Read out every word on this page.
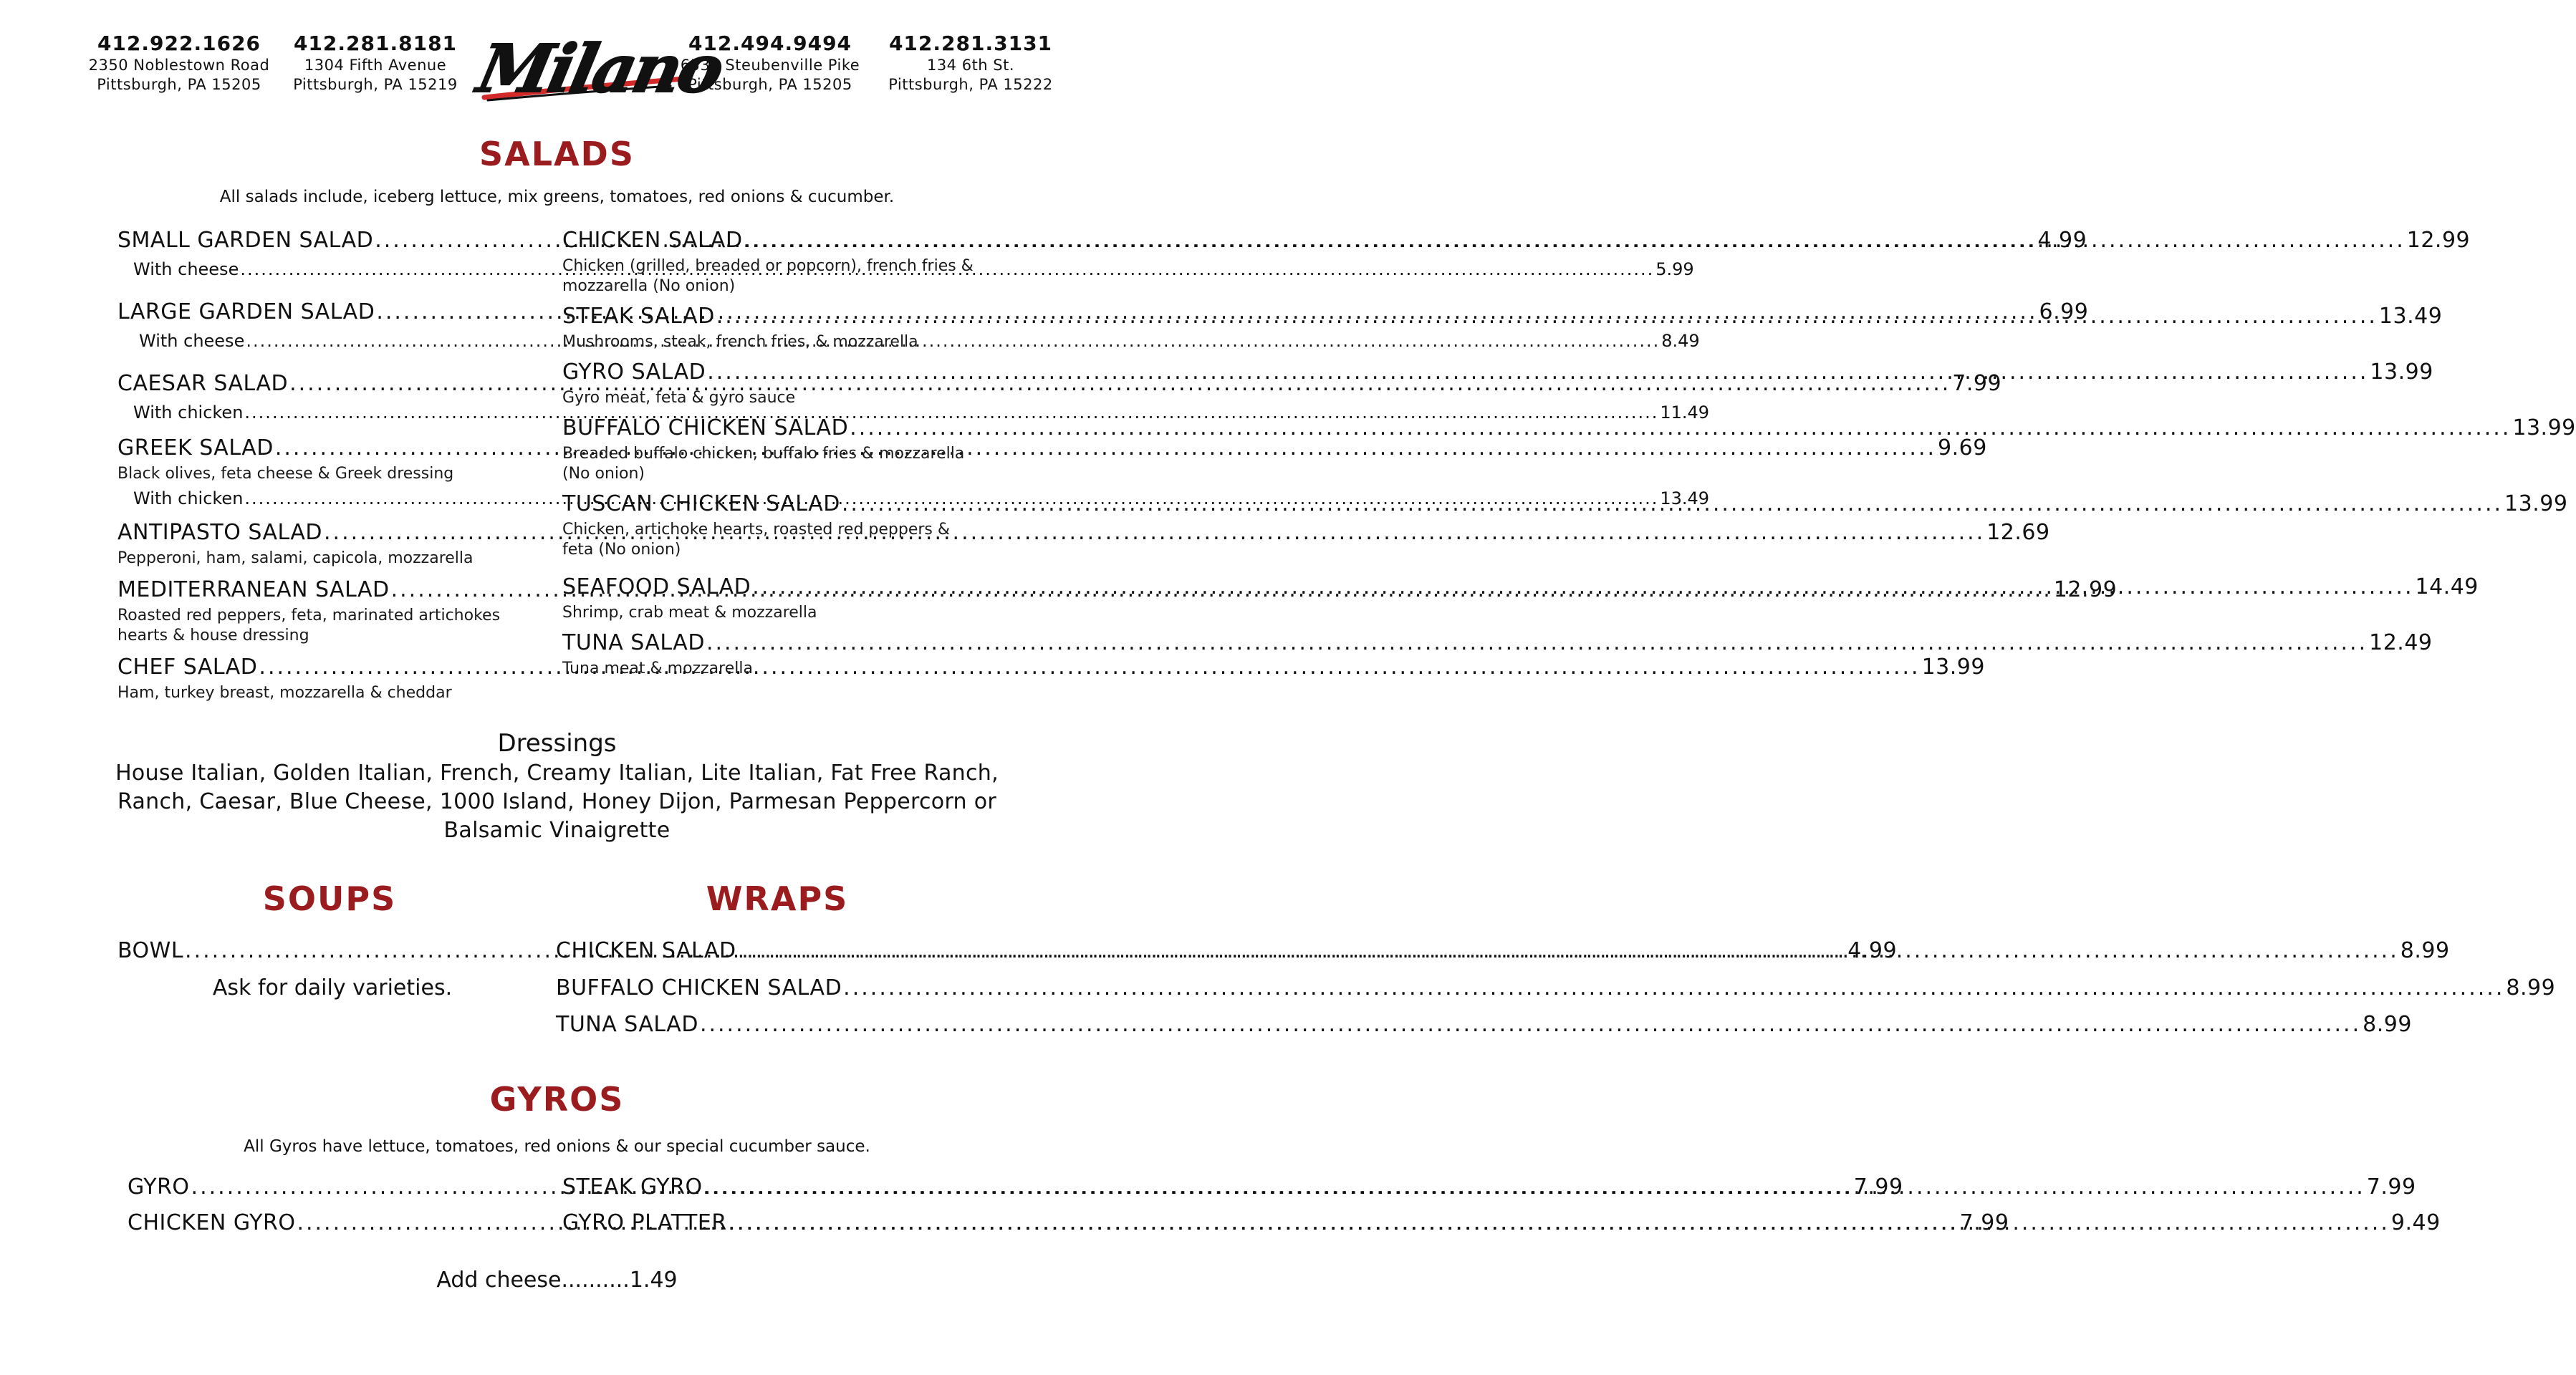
412.922.1626
2350 Noblestown Road
Pittsburgh, PA 15205
412.281.8181
1304 Fifth Avenue
Pittsburgh, PA 15219 Milano
412.494.9494
6532 Steubenville Pike
Pittsburgh, PA 15205
412.281.3131
134 6th St.
Pittsburgh, PA 15222
SALADS
All salads include, iceberg lettuce, mix greens, tomatoes, red onions & cucumber.
SMALL GARDEN SALAD .....	4.99
With cheese .....	5.99
LARGE GARDEN SALAD .....	6.99
With cheese .....	8.49
CAESAR SALAD .....	7.99
With chicken .....	11.49
GREEK SALAD .....	9.69
Black olives, feta cheese & Greek dressing
With chicken .....	13.49
ANTIPASTO SALAD .....	12.69
Pepperoni, ham, salami, capicola, mozzarella
MEDITERRANEAN SALAD .....	12.99
Roasted red peppers, feta, marinated artichokes hearts & house dressing
CHEF SALAD .....	13.99
Ham, turkey breast, mozzarella & cheddar
CHICKEN SALAD .....	12.99
Chicken (grilled, breaded or popcorn), french fries & mozzarella (No onion)
STEAK SALAD .....	13.49
Mushrooms, steak, french fries, & mozzarella
GYRO SALAD .....	13.99
Gyro meat, feta & gyro sauce
BUFFALO CHICKEN SALAD .....	13.99
Breaded buffalo chicken, buffalo fries & mozzarella (No onion)
TUSCAN CHICKEN SALAD .....	13.99
Chicken, artichoke hearts, roasted red peppers & feta (No onion)
SEAFOOD SALAD .....	14.49
Shrimp, crab meat & mozzarella
TUNA SALAD .....	12.49
Tuna meat & mozzarella
Dressings
House Italian, Golden Italian, French, Creamy Italian, Lite Italian, Fat Free Ranch, Ranch, Caesar, Blue Cheese, 1000 Island, Honey Dijon, Parmesan Peppercorn or Balsamic Vinaigrette
SOUPS
BOWL .....	4.99
Ask for daily varieties.
WRAPS
CHICKEN SALAD .....	8.99
BUFFALO CHICKEN SALAD .....	8.99
TUNA SALAD .....	8.99
GYROS
All Gyros have lettuce, tomatoes, red onions & our special cucumber sauce.
GYRO .....	7.99
CHICKEN GYRO .....	7.99
STEAK GYRO .....	7.99
GYRO PLATTER .....	9.49
Add cheese..........1.49
